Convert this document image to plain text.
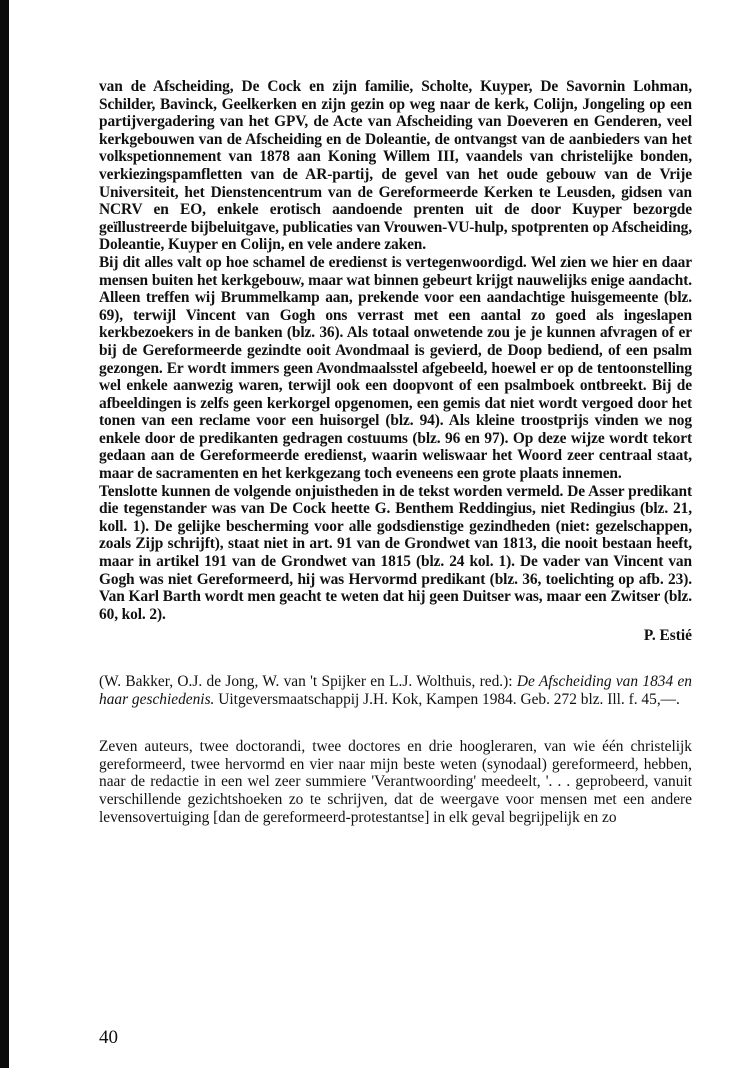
van de Afscheiding, De Cock en zijn familie, Scholte, Kuyper, De Savornin Lohman, Schilder, Bavinck, Geelkerken en zijn gezin op weg naar de kerk, Colijn, Jongeling op een partijvergadering van het GPV, de Acte van Afscheiding van Doeveren en Genderen, veel kerkgebouwen van de Afscheiding en de Doleantie, de ontvangst van de aanbieders van het volkspetionnement van 1878 aan Koning Willem III, vaandels van christelijke bonden, verkiezingspamfletten van de AR-partij, de gevel van het oude gebouw van de Vrije Universiteit, het Dienstencentrum van de Gereformeerde Kerken te Leusden, gidsen van NCRV en EO, enkele erotisch aandoende prenten uit de door Kuyper bezorgde geïllustreerde bijbeluitgave, publicaties van Vrouwen-VU-hulp, spotprenten op Afscheiding, Doleantie, Kuyper en Colijn, en vele andere zaken.

Bij dit alles valt op hoe schamel de eredienst is vertegenwoordigd. Wel zien we hier en daar mensen buiten het kerkgebouw, maar wat binnen gebeurt krijgt nauwelijks enige aandacht. Alleen treffen wij Brummelkamp aan, prekende voor een aandachtige huisgemeente (blz. 69), terwijl Vincent van Gogh ons verrast met een aantal zo goed als ingeslapen kerkbezoekers in de banken (blz. 36). Als totaal onwetende zou je je kunnen afvragen of er bij de Gereformeerde gezindte ooit Avondmaal is gevierd, de Doop bediend, of een psalm gezongen. Er wordt immers geen Avondmaalsstel afgebeeld, hoewel er op de tentoonstelling wel enkele aanwezig waren, terwijl ook een doopvont of een psalmboek ontbreekt. Bij de afbeeldingen is zelfs geen kerkorgel opgenomen, een gemis dat niet wordt vergoed door het tonen van een reclame voor een huisorgel (blz. 94). Als kleine troostprijs vinden we nog enkele door de predikanten gedragen costuums (blz. 96 en 97). Op deze wijze wordt tekort gedaan aan de Gereformeerde eredienst, waarin weliswaar het Woord zeer centraal staat, maar de sacramenten en het kerkgezang toch eveneens een grote plaats innemen.

Tenslotte kunnen de volgende onjuistheden in de tekst worden vermeld. De Asser predikant die tegenstander was van De Cock heette G. Benthem Reddingius, niet Redingius (blz. 21, koll. 1). De gelijke bescherming voor alle godsdienstige gezindheden (niet: gezelschappen, zoals Zijp schrijft), staat niet in art. 91 van de Grondwet van 1813, die nooit bestaan heeft, maar in artikel 191 van de Grondwet van 1815 (blz. 24 kol. 1). De vader van Vincent van Gogh was niet Gereformeerd, hij was Hervormd predikant (blz. 36, toelichting op afb. 23). Van Karl Barth wordt men geacht te weten dat hij geen Duitser was, maar een Zwitser (blz. 60, kol. 2).

P. Estié

(W. Bakker, O.J. de Jong, W. van 't Spijker en L.J. Wolthuis, red.): De Afscheiding van 1834 en haar geschiedenis. Uitgeversmaatschappij J.H. Kok, Kampen 1984. Geb. 272 blz. Ill. f. 45,—.

Zeven auteurs, twee doctorandi, twee doctores en drie hoogleraren, van wie één christelijk gereformeerd, twee hervormd en vier naar mijn beste weten (synodaal) gereformeerd, hebben, naar de redactie in een wel zeer summiere 'Verantwoording' meedeelt, '. . . geprobeerd, vanuit verschillende gezichtshoeken zo te schrijven, dat de weergave voor mensen met een andere levensovertuiging [dan de gereformeerd-protestantse] in elk geval begrijpelijk en zo

40
